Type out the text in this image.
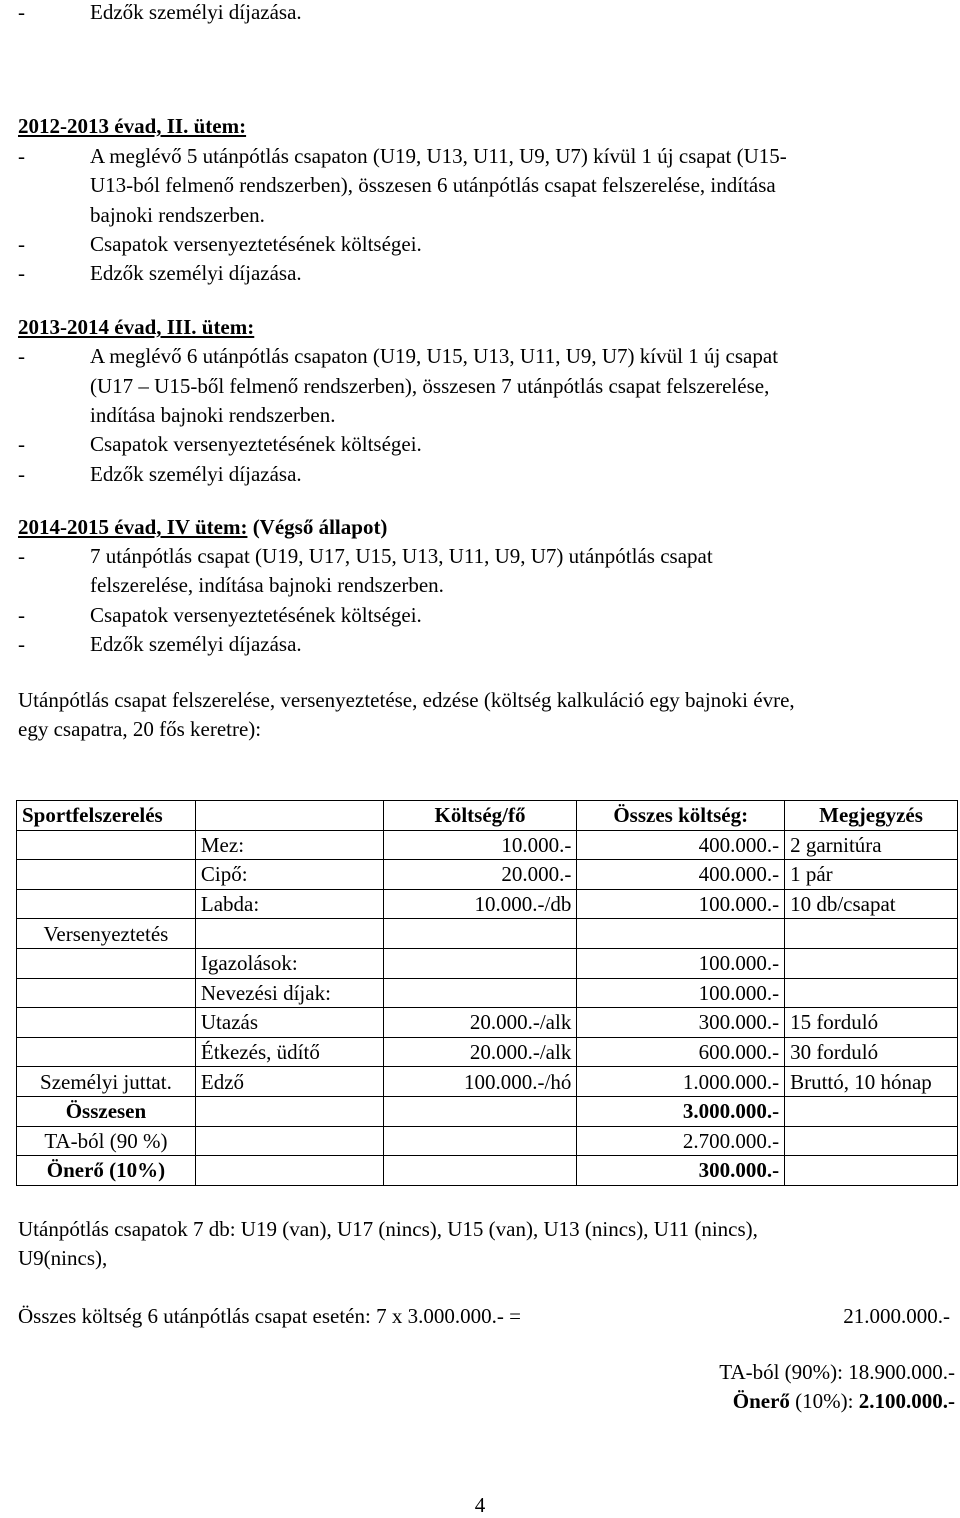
-	Edzők személyi díjazása.
2012-2013 évad, II. ütem:
-	A meglévő 5 utánpótlás csapaton (U19, U13, U11, U9, U7) kívül 1 új csapat (U15-
U13-ból felmenő rendszerben), összesen 6 utánpótlás csapat felszerelése, indítása
bajnoki rendszerben.
-	Csapatok versenyeztetésének költségei.
-	Edzők személyi díjazása.
2013-2014 évad, III. ütem:
-	A meglévő 6 utánpótlás csapaton (U19, U15, U13, U11, U9, U7) kívül 1 új csapat
(U17 – U15-ből felmenő rendszerben), összesen 7 utánpótlás csapat felszerelése,
indítása bajnoki rendszerben.
-	Csapatok versenyeztetésének költségei.
-	Edzők személyi díjazása.
2014-2015 évad, IV ütem: (Végső állapot)
-	7 utánpótlás csapat (U19, U17, U15, U13, U11, U9, U7) utánpótlás csapat
felszerelése, indítása bajnoki rendszerben.
-	Csapatok versenyeztetésének költségei.
-	Edzők személyi díjazása.
Utánpótlás csapat felszerelése, versenyeztetése, edzése (költség kalkuláció egy bajnoki évre,
egy csapatra, 20 fős keretre):
Sportfelszerelés		Költség/fő	Összes költség:	Megjegyzés
	Mez:	10.000.-	400.000.-	2 garnitúra
	Cipő:	20.000.-	400.000.-	1 pár
	Labda:	10.000.-/db	100.000.-	10 db/csapat
Versenyeztetés				
	Igazolások:		100.000.-	
	Nevezési díjak:		100.000.-	
	Utazás	20.000.-/alk	300.000.-	15 forduló
	Étkezés, üdítő	20.000.-/alk	600.000.-	30 forduló
Személyi juttat.	Edző	100.000.-/hó	1.000.000.-	Bruttó, 10 hónap
Összesen			3.000.000.-	
TA-ból (90 %)			2.700.000.-	
Önerő (10%)			300.000.-	
Utánpótlás csapatok 7 db: U19 (van), U17 (nincs), U15 (van), U13 (nincs), U11 (nincs),
U9(nincs),
Összes költség 6 utánpótlás csapat esetén: 7 x 3.000.000.- =	21.000.000.-
TA-ból (90%): 18.900.000.-
Önerő (10%): 2.100.000.-
4
